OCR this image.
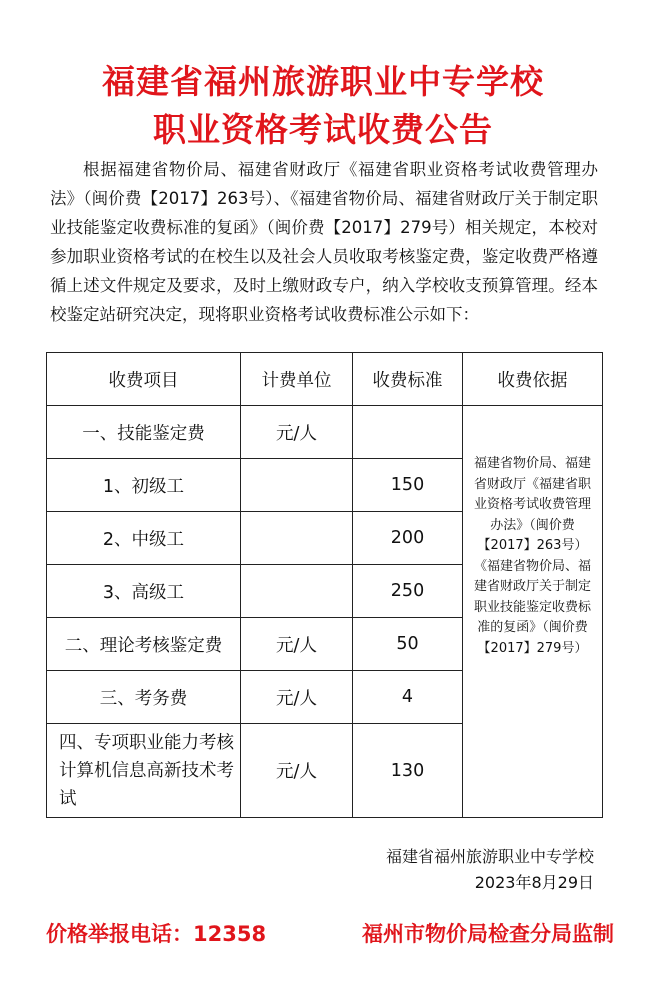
福建省福州旅游职业中专学校
职业资格考试收费公告
根据福建省物价局、福建省财政厅《福建省职业资格考试收费管理办法》（闽价费【2017】263号）、《福建省物价局、福建省财政厅关于制定职业技能鉴定收费标准的复函》（闽价费【2017】279号）相关规定，本校对参加职业资格考试的在校生以及社会人员收取考核鉴定费，鉴定收费严格遵循上述文件规定及要求，及时上缴财政专户，纳入学校收支预算管理。经本校鉴定站研究决定，现将职业资格考试收费标准公示如下：
收费项目	计费单位	收费标准	收费依据
一、技能鉴定费	元/人		福建省物价局、福建省财政厅《福建省职业资格考试收费管理办法》（闽价费【2017】263号）《福建省物价局、福建省财政厅关于制定职业技能鉴定收费标准的复函》（闽价费【2017】279号）
1、初级工		150	
2、中级工		200	
3、高级工		250	
二、理论考核鉴定费	元/人	50	
三、考务费	元/人	4	
四、专项职业能力考核计算机信息高新技术考试	元/人	130	
福建省福州旅游职业中专学校
2023年8月29日
价格举报电话：12358	福州市物价局检查分局监制
